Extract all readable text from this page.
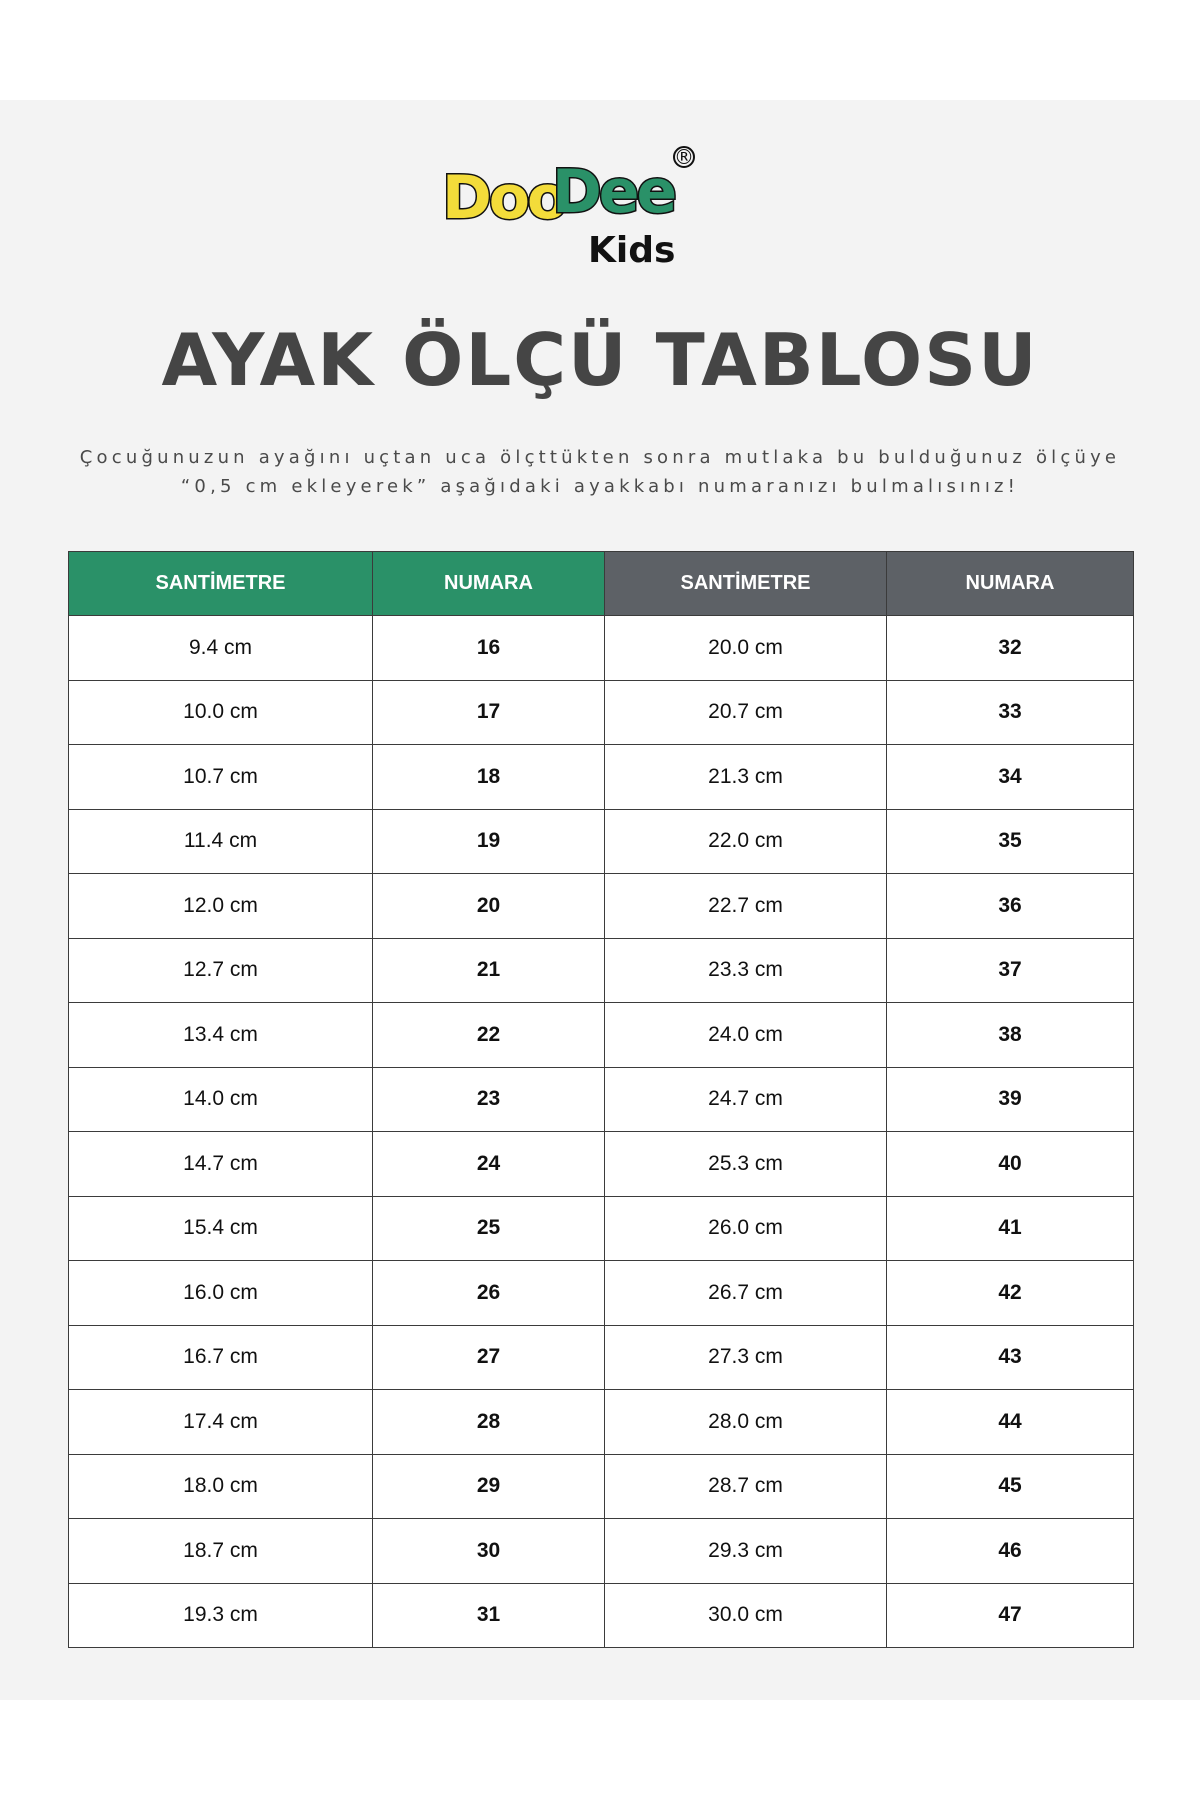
Doo
Dee
Kids
®
AYAK ÖLÇÜ TABLOSU
Çocuğunuzun ayağını uçtan uca ölçttükten sonra mutlaka bu bulduğunuz ölçüye
“0,5 cm ekleyerek” aşağıdaki ayakkabı numaranızı bulmalısınız!
SANTİMETRE	NUMARA	SANTİMETRE	NUMARA
9.4 cm	16	20.0 cm	32
10.0 cm	17	20.7 cm	33
10.7 cm	18	21.3 cm	34
11.4 cm	19	22.0 cm	35
12.0 cm	20	22.7 cm	36
12.7 cm	21	23.3 cm	37
13.4 cm	22	24.0 cm	38
14.0 cm	23	24.7 cm	39
14.7 cm	24	25.3 cm	40
15.4 cm	25	26.0 cm	41
16.0 cm	26	26.7 cm	42
16.7 cm	27	27.3 cm	43
17.4 cm	28	28.0 cm	44
18.0 cm	29	28.7 cm	45
18.7 cm	30	29.3 cm	46
19.3 cm	31	30.0 cm	47
